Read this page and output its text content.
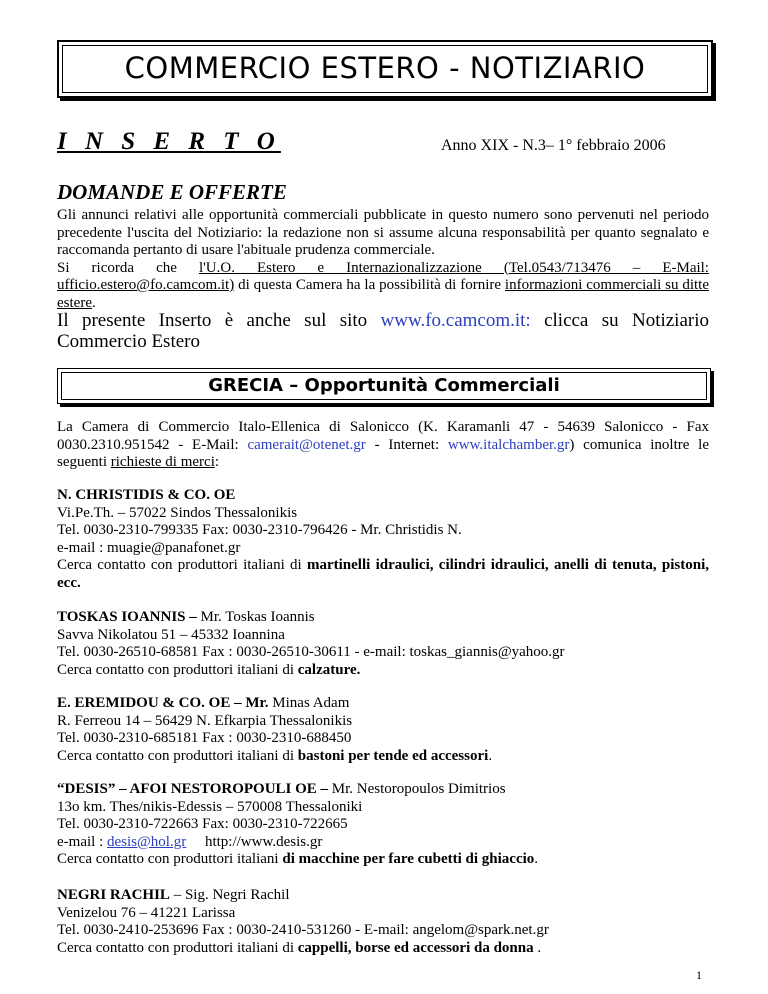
COMMERCIO ESTERO - NOTIZIARIO
I N S E R T O	Anno XIX - N.3– 1° febbraio 2006
DOMANDE E OFFERTE

Gli annunci relativi alle opportunità commerciali pubblicate in questo numero sono pervenuti nel periodo precedente l'uscita del Notiziario: la redazione non si assume alcuna responsabilità per quanto segnalato e raccomanda pertanto di usare l'abituale prudenza commerciale.

Si ricorda che l'U.O. Estero e Internazionalizzazione (Tel.0543/713476 – E-Mail: ufficio.estero@fo.camcom.it) di questa Camera ha la possibilità di fornire informazioni commerciali su ditte estere.

Il presente Inserto è anche sul sito www.fo.camcom.it: clicca su Notiziario Commercio Estero
GRECIA – Opportunità Commerciali
La Camera di Commercio Italo-Ellenica di Salonicco (K. Karamanli 47 - 54639 Salonicco - Fax 0030.2310.951542 - E-Mail: camerait@otenet.gr - Internet: www.italchamber.gr) comunica inoltre le seguenti richieste di merci:

N. CHRISTIDIS & CO. OE

Vi.Pe.Th. – 57022 Sindos Thessalonikis

Tel. 0030-2310-799335 Fax: 0030-2310-796426 - Mr. Christidis N.

e-mail : muagie@panafonet.gr

Cerca contatto con produttori italiani di martinelli idraulici, cilindri idraulici, anelli di tenuta, pistoni, ecc.

TOSKAS IOANNIS – Mr. Toskas Ioannis

Savva Nikolatou 51 – 45332 Ioannina

Tel. 0030-26510-68581 Fax : 0030-26510-30611 - e-mail: toskas_giannis@yahoo.gr

Cerca contatto con produttori italiani di calzature.

E. EREMIDOU & CO. OE – Mr. Minas Adam

R. Ferreou 14 – 56429 N. Efkarpia Thessalonikis

Tel. 0030-2310-685181 Fax : 0030-2310-688450

Cerca contatto con produttori italiani di bastoni per tende ed accessori.

“DESIS” – AFOI NESTOROPOULI OE – Mr. Nestoropoulos Dimitrios

13o km. Thes/nikis-Edessis – 570008 Thessaloniki

Tel. 0030-2310-722663 Fax: 0030-2310-722665

e-mail : desis@hol.gr     http://www.desis.gr

Cerca contatto con produttori italiani di macchine per fare cubetti di ghiaccio.

NEGRI RACHIL – Sig. Negri Rachil

Venizelou 76 – 41221 Larissa

Tel. 0030-2410-253696 Fax : 0030-2410-531260 - E-mail: angelom@spark.net.gr

Cerca contatto con produttori italiani di cappelli, borse ed accessori da donna .

1
